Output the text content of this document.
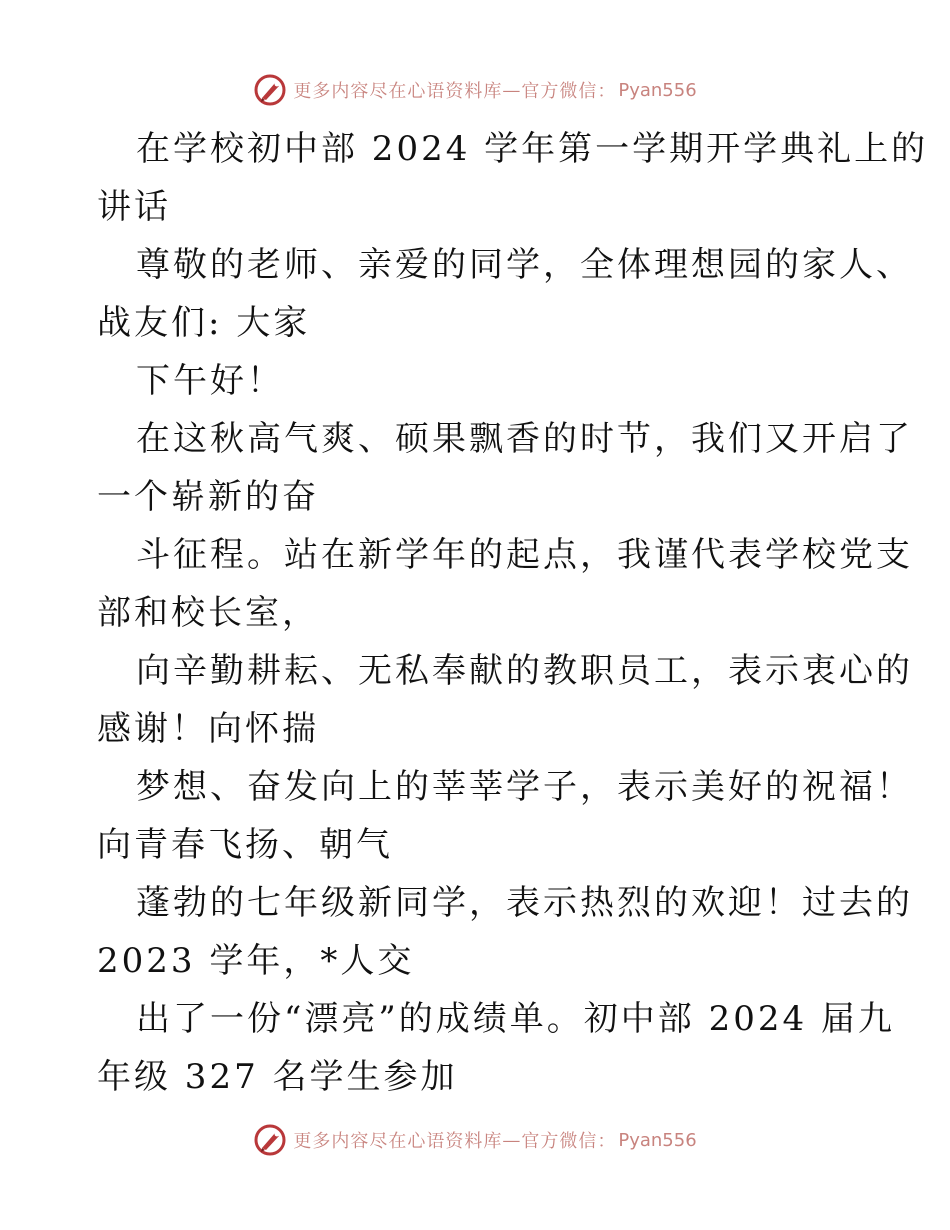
更多内容尽在心语资料库 — 官方微信： Pyan556
在学校初中部 2024 学年第一学期开学典礼上的
讲话
尊敬的老师、亲爱的同学，全体理想园的家人、
战友们: 大家
下午好！
在这秋高气爽、硕果飘香的时节，我们又开启了
一个崭新的奋
斗征程。站在新学年的起点，我谨代表学校党支
部和校长室，
向辛勤耕耘、无私奉献的教职员工，表示衷心的
感谢！向怀揣
梦想、奋发向上的莘莘学子，表示美好的祝福！
向青春飞扬、朝气
蓬勃的七年级新同学，表示热烈的欢迎！过去的
2023 学年，*人交
出了一份“漂亮”的成绩单。初中部 2024 届九
年级 327 名学生参加
更多内容尽在心语资料库 — 官方微信： Pyan556
